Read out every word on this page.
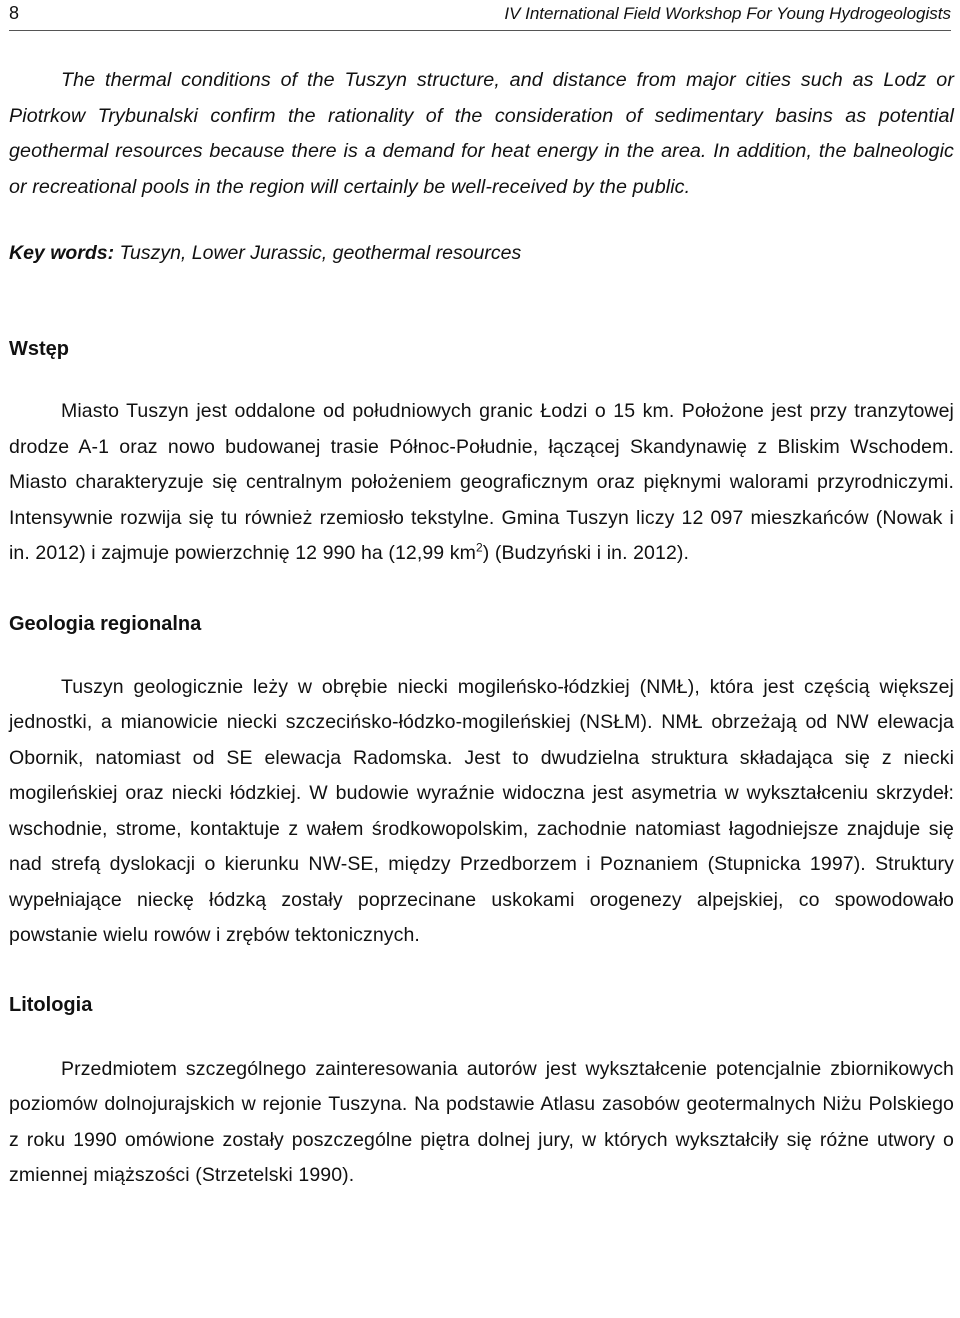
8	IV International Field Workshop For Young Hydrogeologists

The thermal conditions of the Tuszyn structure, and distance from major cities such as Lodz or Piotrkow Trybunalski confirm the rationality of the consideration of sedimentary basins as potential geothermal resources because there is a demand for heat energy in the area. In addition, the balneologic or recreational pools in the region will certainly be well-received by the public.

Key words: Tuszyn, Lower Jurassic, geothermal resources
Wstęp

Miasto Tuszyn jest oddalone od południowych granic Łodzi o 15 km. Położone jest przy tranzytowej drodze A-1 oraz nowo budowanej trasie Północ-Południe, łączącej Skandynawię z Bliskim Wschodem. Miasto charakteryzuje się centralnym położeniem geograficznym oraz pięknymi walorami przyrodniczymi. Intensywnie rozwija się tu również rzemiosło tekstylne. Gmina Tuszyn liczy 12 097 mieszkańców (Nowak i in. 2012) i zajmuje powierzchnię 12 990 ha (12,99 $km^2$) (Budzyński i in. 2012).

Geologia regionalna

Tuszyn geologicznie leży w obrębie niecki mogileńsko-łódzkiej (NMŁ), która jest częścią większej jednostki, a mianowicie niecki szczecińsko-łódzko-mogileńskiej (NSŁM). NMŁ obrzeżają od NW elewacja Obornik, natomiast od SE elewacja Radomska. Jest to dwudzielna struktura składająca się z niecki mogileńskiej oraz niecki łódzkiej. W budowie wyraźnie widoczna jest asymetria w wykształceniu skrzydeł: wschodnie, strome, kontaktuje z wałem środkowopolskim, zachodnie natomiast łagodniejsze znajduje się nad strefą dyslokacji o kierunku NW-SE, między Przedborzem i Poznaniem (Stupnicka 1997). Struktury wypełniające nieckę łódzką zostały poprzecinane uskokami orogenezy alpejskiej, co spowodowało powstanie wielu rowów i zrębów tektonicznych.

Litologia

Przedmiotem szczególnego zainteresowania autorów jest wykształcenie potencjalnie zbiornikowych poziomów dolnojurajskich w rejonie Tuszyna. Na podstawie Atlasu zasobów geotermalnych Niżu Polskiego z roku 1990 omówione zostały poszczególne piętra dolnej jury, w których wykształciły się różne utwory o zmiennej miąższości (Strzetelski 1990).
